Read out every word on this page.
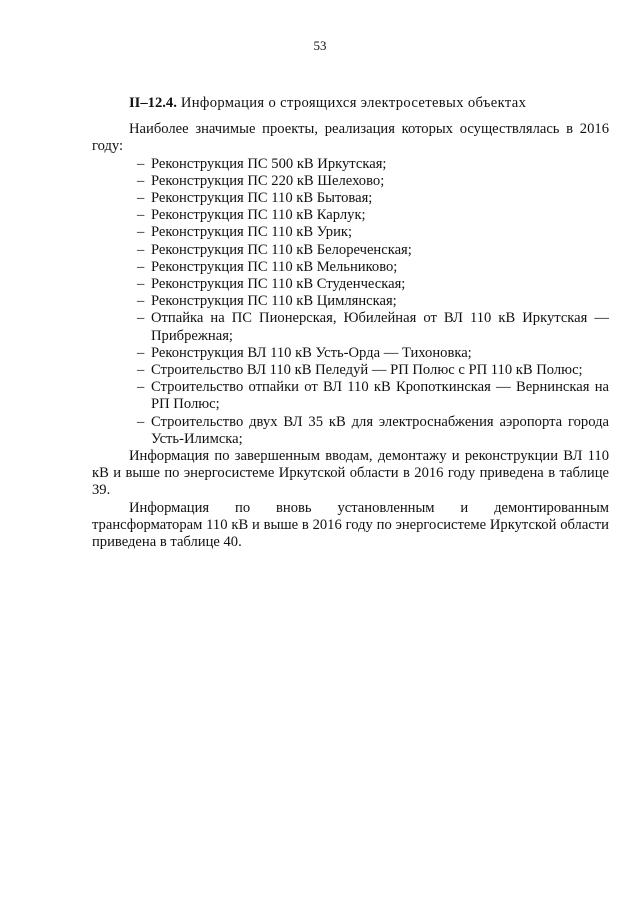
53
II–12.4. Информация о строящихся электросетевых объектах

Наиболее значимые проекты, реализация которых осуществлялась в 2016 году:

– Реконструкция ПС 500 кВ Иркутская;
– Реконструкция ПС 220 кВ Шелехово;
– Реконструкция ПС 110 кВ Бытовая;
– Реконструкция ПС 110 кВ Карлук;
– Реконструкция ПС 110 кВ Урик;
– Реконструкция ПС 110 кВ Белореченская;
– Реконструкция ПС 110 кВ Мельниково;
– Реконструкция ПС 110 кВ Студенческая;
– Реконструкция ПС 110 кВ Цимлянская;
– Отпайка на ПС Пионерская, Юбилейная от ВЛ 110 кВ Иркутская — Прибрежная;
– Реконструкция ВЛ 110 кВ Усть-Орда — Тихоновка;
– Строительство ВЛ 110 кВ Пеледуй — РП Полюс с РП 110 кВ Полюс;
– Строительство отпайки от ВЛ 110 кВ Кропоткинская — Вернинская на РП Полюс;
– Строительство двух ВЛ 35 кВ для электроснабжения аэропорта города Усть-Илимска;

Информация по завершенным вводам, демонтажу и реконструкции ВЛ 110 кВ и выше по энергосистеме Иркутской области в 2016 году приведена в таблице 39.

Информация по вновь установленным и демонтированным трансформаторам 110 кВ и выше в 2016 году по энергосистеме Иркутской области приведена в таблице 40.
